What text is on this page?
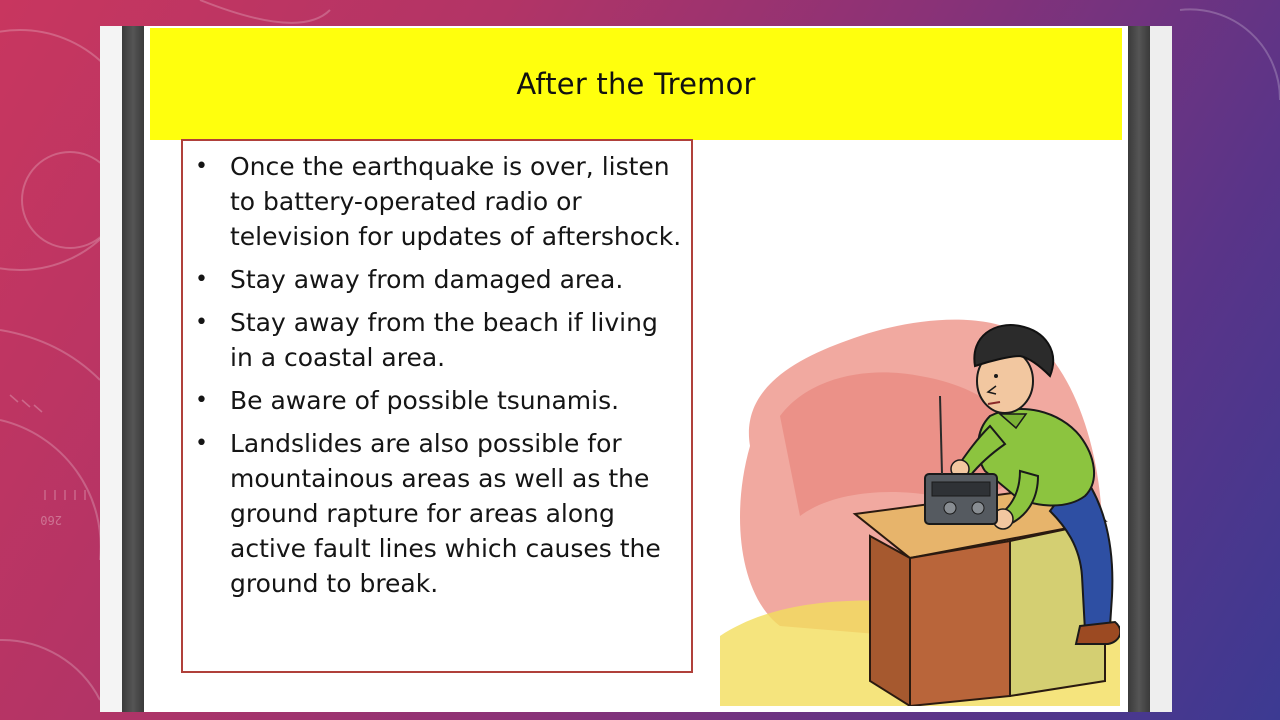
260
After the Tremor
• Once the earthquake is over, listen to battery-operated radio or television for updates of aftershock.
• Stay away from damaged area.
• Stay away from the beach if living in a coastal area.
• Be aware of possible tsunamis.
• Landslides are also possible for mountainous areas as well as the ground rapture for areas along active fault lines which causes the ground to break.
